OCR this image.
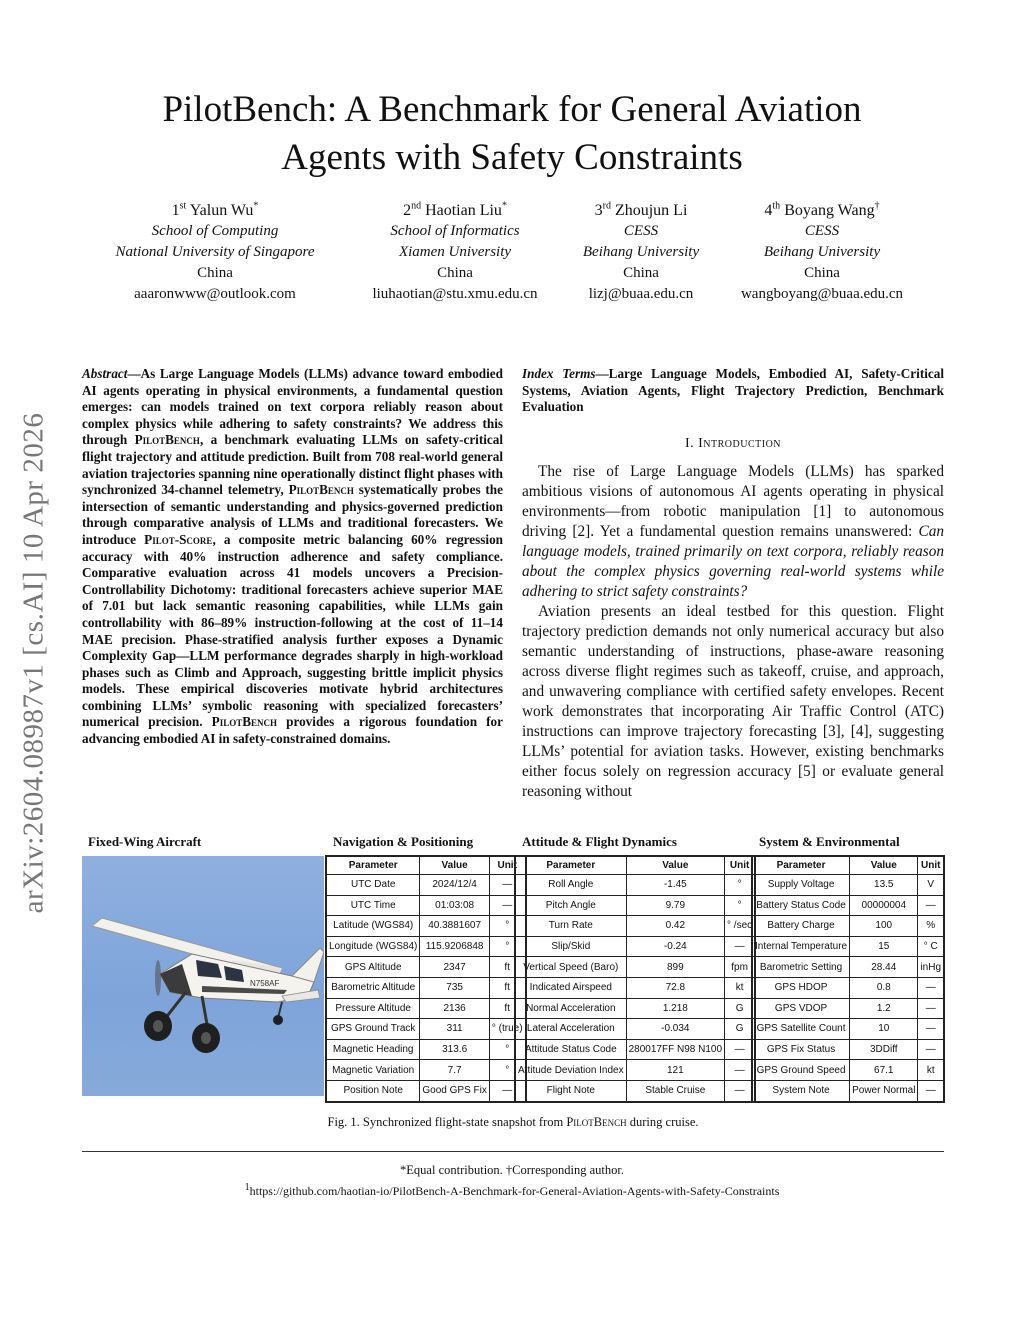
PilotBench: A Benchmark for General Aviation
Agents with Safety Constraints
1st Yalun Wu*
School of Computing
National University of Singapore
China
aaaronwww@outlook.com
2nd Haotian Liu*
School of Informatics
Xiamen University
China
liuhaotian@stu.xmu.edu.cn
3rd Zhoujun Li
CESS
Beihang University
China
lizj@buaa.edu.cn
4th Boyang Wang†
CESS
Beihang University
China
wangboyang@buaa.edu.cn
arXiv:2604.08987v1 [cs.AI] 10 Apr 2026
Abstract—As Large Language Models (LLMs) advance toward embodied AI agents operating in physical environments, a fundamental question emerges: can models trained on text corpora reliably reason about complex physics while adhering to safety constraints? We address this through PilotBench, a benchmark evaluating LLMs on safety-critical flight trajectory and attitude prediction. Built from 708 real-world general aviation trajectories spanning nine operationally distinct flight phases with synchronized 34-channel telemetry, PilotBench systematically probes the intersection of semantic understanding and physics-governed prediction through comparative analysis of LLMs and traditional forecasters. We introduce Pilot-Score, a composite metric balancing 60% regression accuracy with 40% instruction adherence and safety compliance. Comparative evaluation across 41 models uncovers a Precision-Controllability Dichotomy: traditional forecasters achieve superior MAE of 7.01 but lack semantic reasoning capabilities, while LLMs gain controllability with 86–89% instruction-following at the cost of 11–14 MAE precision. Phase-stratified analysis further exposes a Dynamic Complexity Gap—LLM performance degrades sharply in high-workload phases such as Climb and Approach, suggesting brittle implicit physics models. These empirical discoveries motivate hybrid architectures combining LLMs’ symbolic reasoning with specialized forecasters’ numerical precision. PilotBench provides a rigorous foundation for advancing embodied AI in safety-constrained domains.
Index Terms—Large Language Models, Embodied AI, Safety-Critical Systems, Aviation Agents, Flight Trajectory Prediction, Benchmark Evaluation
I. Introduction

The rise of Large Language Models (LLMs) has sparked ambitious visions of autonomous AI agents operating in physical environments—from robotic manipulation [1] to autonomous driving [2]. Yet a fundamental question remains unanswered: Can language models, trained primarily on text corpora, reliably reason about the complex physics governing real-world systems while adhering to strict safety constraints?

Aviation presents an ideal testbed for this question. Flight trajectory prediction demands not only numerical accuracy but also semantic understanding of instructions, phase-aware reasoning across diverse flight regimes such as takeoff, cruise, and approach, and unwavering compliance with certified safety envelopes. Recent work demonstrates that incorporating Air Traffic Control (ATC) instructions can improve trajectory forecasting [3], [4], suggesting LLMs’ potential for aviation tasks. However, existing benchmarks either focus solely on regression accuracy [5] or evaluate general reasoning without

Fixed-Wing Aircraft	Navigation & Positioning	Attitude & Flight Dynamics	System & Environmental
N758AF
Parameter	Value	Unit
UTC Date	2024/12/4	—
UTC Time	01:03:08	—
Latitude (WGS84)	40.3881607	°
Longitude (WGS84)	115.9206848	°
GPS Altitude	2347	ft
Barometric Altitude	735	ft
Pressure Altitude	2136	ft
GPS Ground Track	311	° (true)
Magnetic Heading	313.6	°
Magnetic Variation	7.7	°
Position Note	Good GPS Fix	—
Parameter	Value	Unit
Roll Angle	-1.45	°
Pitch Angle	9.79	°
Turn Rate	0.42	° /sec
Slip/Skid	-0.24	—
Vertical Speed (Baro)	899	fpm
Indicated Airspeed	72.8	kt
Normal Acceleration	1.218	G
Lateral Acceleration	-0.034	G
Attitude Status Code	280017FF N98 N100	—
Attitude Deviation Index	121	—
Flight Note	Stable Cruise	—
Parameter	Value	Unit
Supply Voltage	13.5	V
Battery Status Code	00000004	—
Battery Charge	100	%
Internal Temperature	15	° C
Barometric Setting	28.44	inHg
GPS HDOP	0.8	—
GPS VDOP	1.2	—
GPS Satellite Count	10	—
GPS Fix Status	3DDiff	—
GPS Ground Speed	67.1	kt
System Note	Power Normal	—
Fig. 1. Synchronized flight-state snapshot from PilotBench during cruise.
*Equal contribution. †Corresponding author.
$^1$https://github.com/haotian-io/PilotBench-A-Benchmark-for-General-Aviation-Agents-with-Safety-Constraints
